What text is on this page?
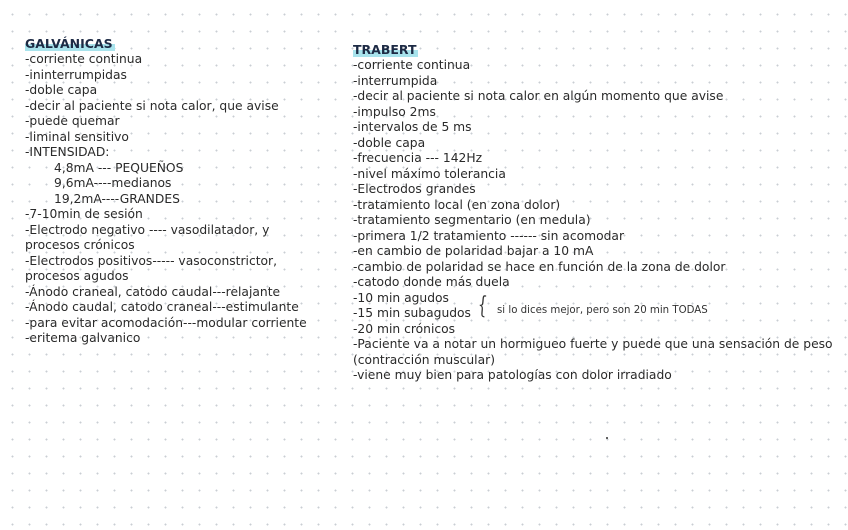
GALVÁNICAS
-corriente continua
-ininterrumpidas
-doble capa
-decir al paciente si nota calor, que avise
-puede quemar
-liminal sensitivo
-INTENSIDAD:
4,8mA --- PEQUEÑOS
9,6mA----medianos
19,2mA----GRANDES
-7-10min de sesión
-Electrodo negativo ---- vasodilatador, y procesos crónicos
-Electrodos positivos----- vasoconstrictor, procesos agudos
-Ánodo craneal, catodo caudal---relajante
-Ánodo caudal, catodo craneal---estimulante
-para evitar acomodación---modular corriente
-eritema galvanico
TRABERT
-corriente continua
-interrumpida
-decir al paciente si nota calor en algún momento que avise
-impulso 2ms
-intervalos de 5 ms
-doble capa
-frecuencia --- 142Hz
-nivel máximo tolerancia
-Electrodos grandes
-tratamiento local (en zona dolor)
-tratamiento segmentario (en medula)
-primera 1/2 tratamiento ------ sin acomodar
-en cambio de polaridad bajar a 10 mA
-cambio de polaridad se hace en función de la zona de dolor
-catodo donde más duela
-10 min agudos
-15 min subagudos
-20 min crónicos
-Paciente va a notar un hormigueo fuerte y puede que una sensación de peso (contracción muscular)
-viene muy bien para patologías con dolor irradiado
{ si lo dices mejor, pero son 20 min TODAS
